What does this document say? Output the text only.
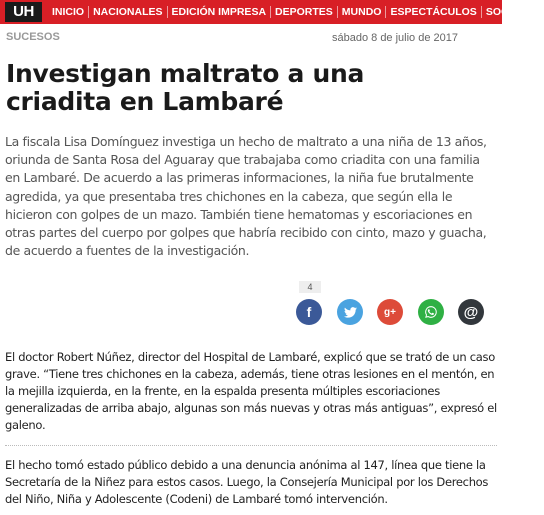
UH	INICIO NACIONALES EDICIÓN IMPRESA DEPORTES MUNDO ESPECTÁCULOS SOCIALES
SUCESOS	sábado 8 de julio de 2017
Investigan maltrato a una criadita en Lambaré

La fiscala Lisa Domínguez investiga un hecho de maltrato a una niña de 13 años, oriunda de Santa Rosa del Aguaray que trabajaba como criadita con una familia en Lambaré. De acuerdo a las primeras informaciones, la niña fue brutalmente agredida, ya que presentaba tres chichones en la cabeza, que según ella le hicieron con golpes de un mazo. También tiene hematomas y escoriaciones en otras partes del cuerpo por golpes que habría recibido con cinto, mazo y guacha, de acuerdo a fuentes de la investigación.

4
f	g+	@

El doctor Robert Núñez, director del Hospital de Lambaré, explicó que se trató de un caso grave. “Tiene tres chichones en la cabeza, además, tiene otras lesiones en el mentón, en la mejilla izquierda, en la frente, en la espalda presenta múltiples escoriaciones generalizadas de arriba abajo, algunas son más nuevas y otras más antiguas”, expresó el galeno.

El hecho tomó estado público debido a una denuncia anónima al 147, línea que tiene la Secretaría de la Niñez para estos casos. Luego, la Consejería Municipal por los Derechos del Niño, Niña y Adolescente (Codeni) de Lambaré tomó intervención.
